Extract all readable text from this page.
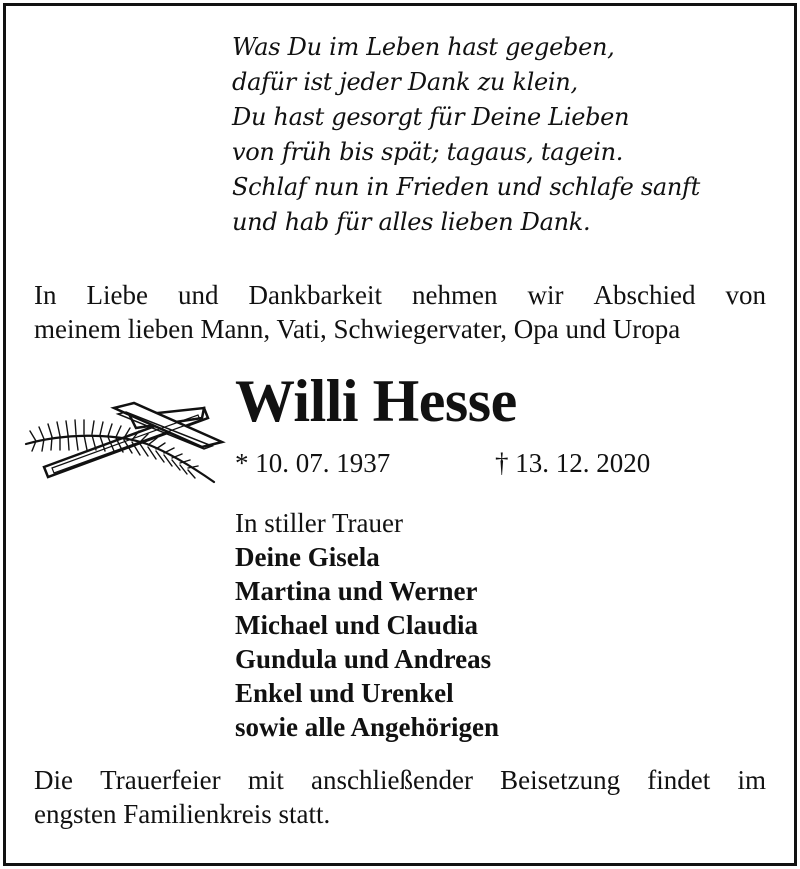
Was Du im Leben hast gegeben,
dafür ist jeder Dank zu klein,
Du hast gesorgt für Deine Lieben
von früh bis spät; tagaus, tagein.
Schlaf nun in Frieden und schlafe sanft
und hab für alles lieben Dank.
In Liebe und Dankbarkeit nehmen wir Abschied von
meinem lieben Mann, Vati, Schwiegervater, Opa und Uropa
Willi Hesse
* 10. 07. 1937	† 13. 12. 2020
In stiller Trauer
Deine Gisela
Martina und Werner
Michael und Claudia
Gundula und Andreas
Enkel und Urenkel
sowie alle Angehörigen
Die Trauerfeier mit anschließender Beisetzung findet im
engsten Familienkreis statt.
